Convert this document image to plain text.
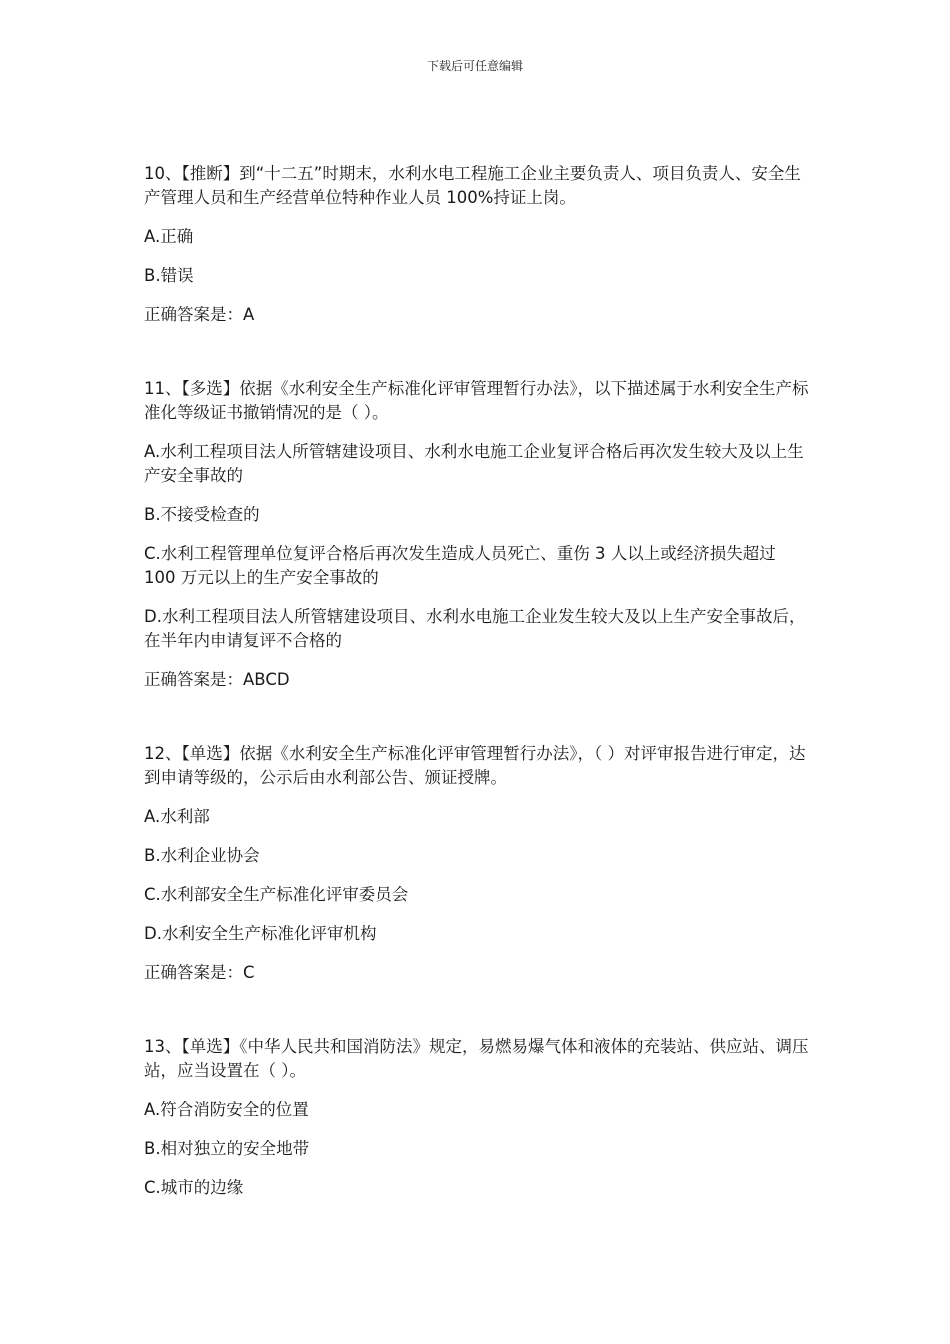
下载后可任意编辑

10、【推断】到“十二五”时期末，水利水电工程施工企业主要负责人、项目负责人、安全生产管理人员和生产经营单位特种作业人员 100%持证上岗。

A.正确

B.错误

正确答案是：A

11、【多选】依据《水利安全生产标准化评审管理暂行办法》，以下描述属于水利安全生产标准化等级证书撤销情况的是（ ）。

A.水利工程项目法人所管辖建设项目、水利水电施工企业复评合格后再次发生较大及以上生产安全事故的

B.不接受检查的

C.水利工程管理单位复评合格后再次发生造成人员死亡、重伤 3 人以上或经济损失超过 100 万元以上的生产安全事故的

D.水利工程项目法人所管辖建设项目、水利水电施工企业发生较大及以上生产安全事故后，在半年内申请复评不合格的

正确答案是：ABCD

12、【单选】依据《水利安全生产标准化评审管理暂行办法》，（ ）对评审报告进行审定，达到申请等级的，公示后由水利部公告、颁证授牌。

A.水利部

B.水利企业协会

C.水利部安全生产标准化评审委员会

D.水利安全生产标准化评审机构

正确答案是：C

13、【单选】《中华人民共和国消防法》规定，易燃易爆气体和液体的充装站、供应站、调压站，应当设置在（ ）。

A.符合消防安全的位置

B.相对独立的安全地带

C.城市的边缘
